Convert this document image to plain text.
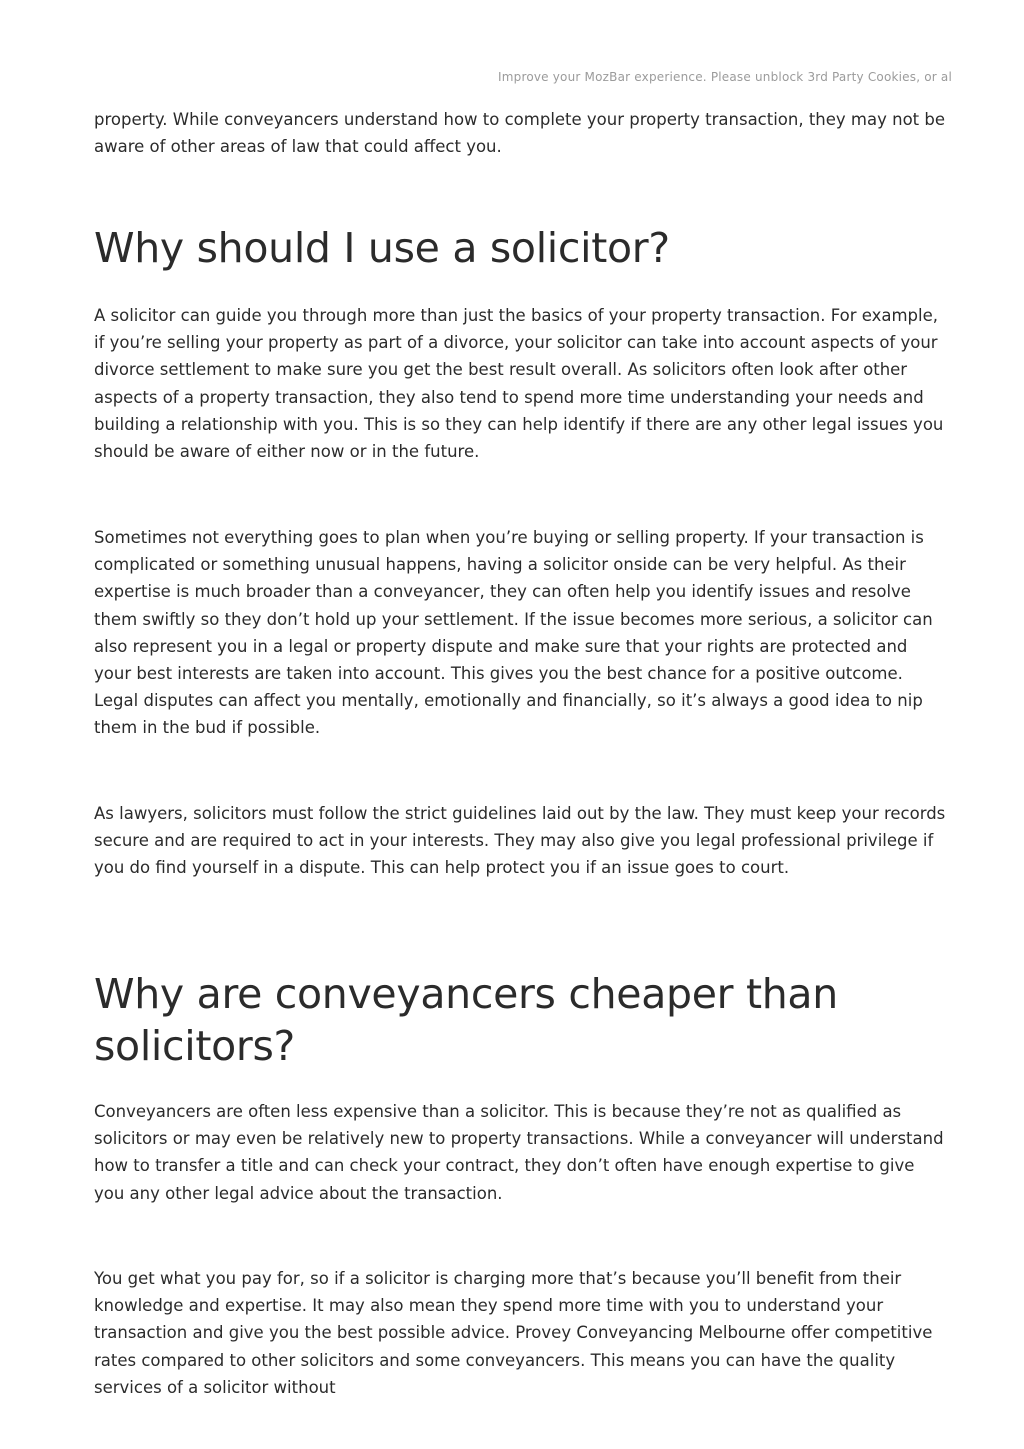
Improve your MozBar experience. Please unblock 3rd Party Cookies, or al

property. While conveyancers understand how to complete your property transaction, they may not be aware of other areas of law that could affect you.

Why should I use a solicitor?

A solicitor can guide you through more than just the basics of your property transaction. For example, if you’re selling your property as part of a divorce, your solicitor can take into account aspects of your divorce settlement to make sure you get the best result overall. As solicitors often look after other aspects of a property transaction, they also tend to spend more time understanding your needs and building a relationship with you. This is so they can help identify if there are any other legal issues you should be aware of either now or in the future.

Sometimes not everything goes to plan when you’re buying or selling property. If your transaction is complicated or something unusual happens, having a solicitor onside can be very helpful. As their expertise is much broader than a conveyancer, they can often help you identify issues and resolve them swiftly so they don’t hold up your settlement. If the issue becomes more serious, a solicitor can also represent you in a legal or property dispute and make sure that your rights are protected and your best interests are taken into account. This gives you the best chance for a positive outcome. Legal disputes can affect you mentally, emotionally and financially, so it’s always a good idea to nip them in the bud if possible.

As lawyers, solicitors must follow the strict guidelines laid out by the law. They must keep your records secure and are required to act in your interests. They may also give you legal professional privilege if you do find yourself in a dispute. This can help protect you if an issue goes to court.

Why are conveyancers cheaper than solicitors?

Conveyancers are often less expensive than a solicitor. This is because they’re not as qualified as solicitors or may even be relatively new to property transactions. While a conveyancer will understand how to transfer a title and can check your contract, they don’t often have enough expertise to give you any other legal advice about the transaction.

You get what you pay for, so if a solicitor is charging more that’s because you’ll benefit from their knowledge and expertise. It may also mean they spend more time with you to understand your transaction and give you the best possible advice. Provey Conveyancing Melbourne offer competitive rates compared to other solicitors and some conveyancers. This means you can have the quality services of a solicitor without
